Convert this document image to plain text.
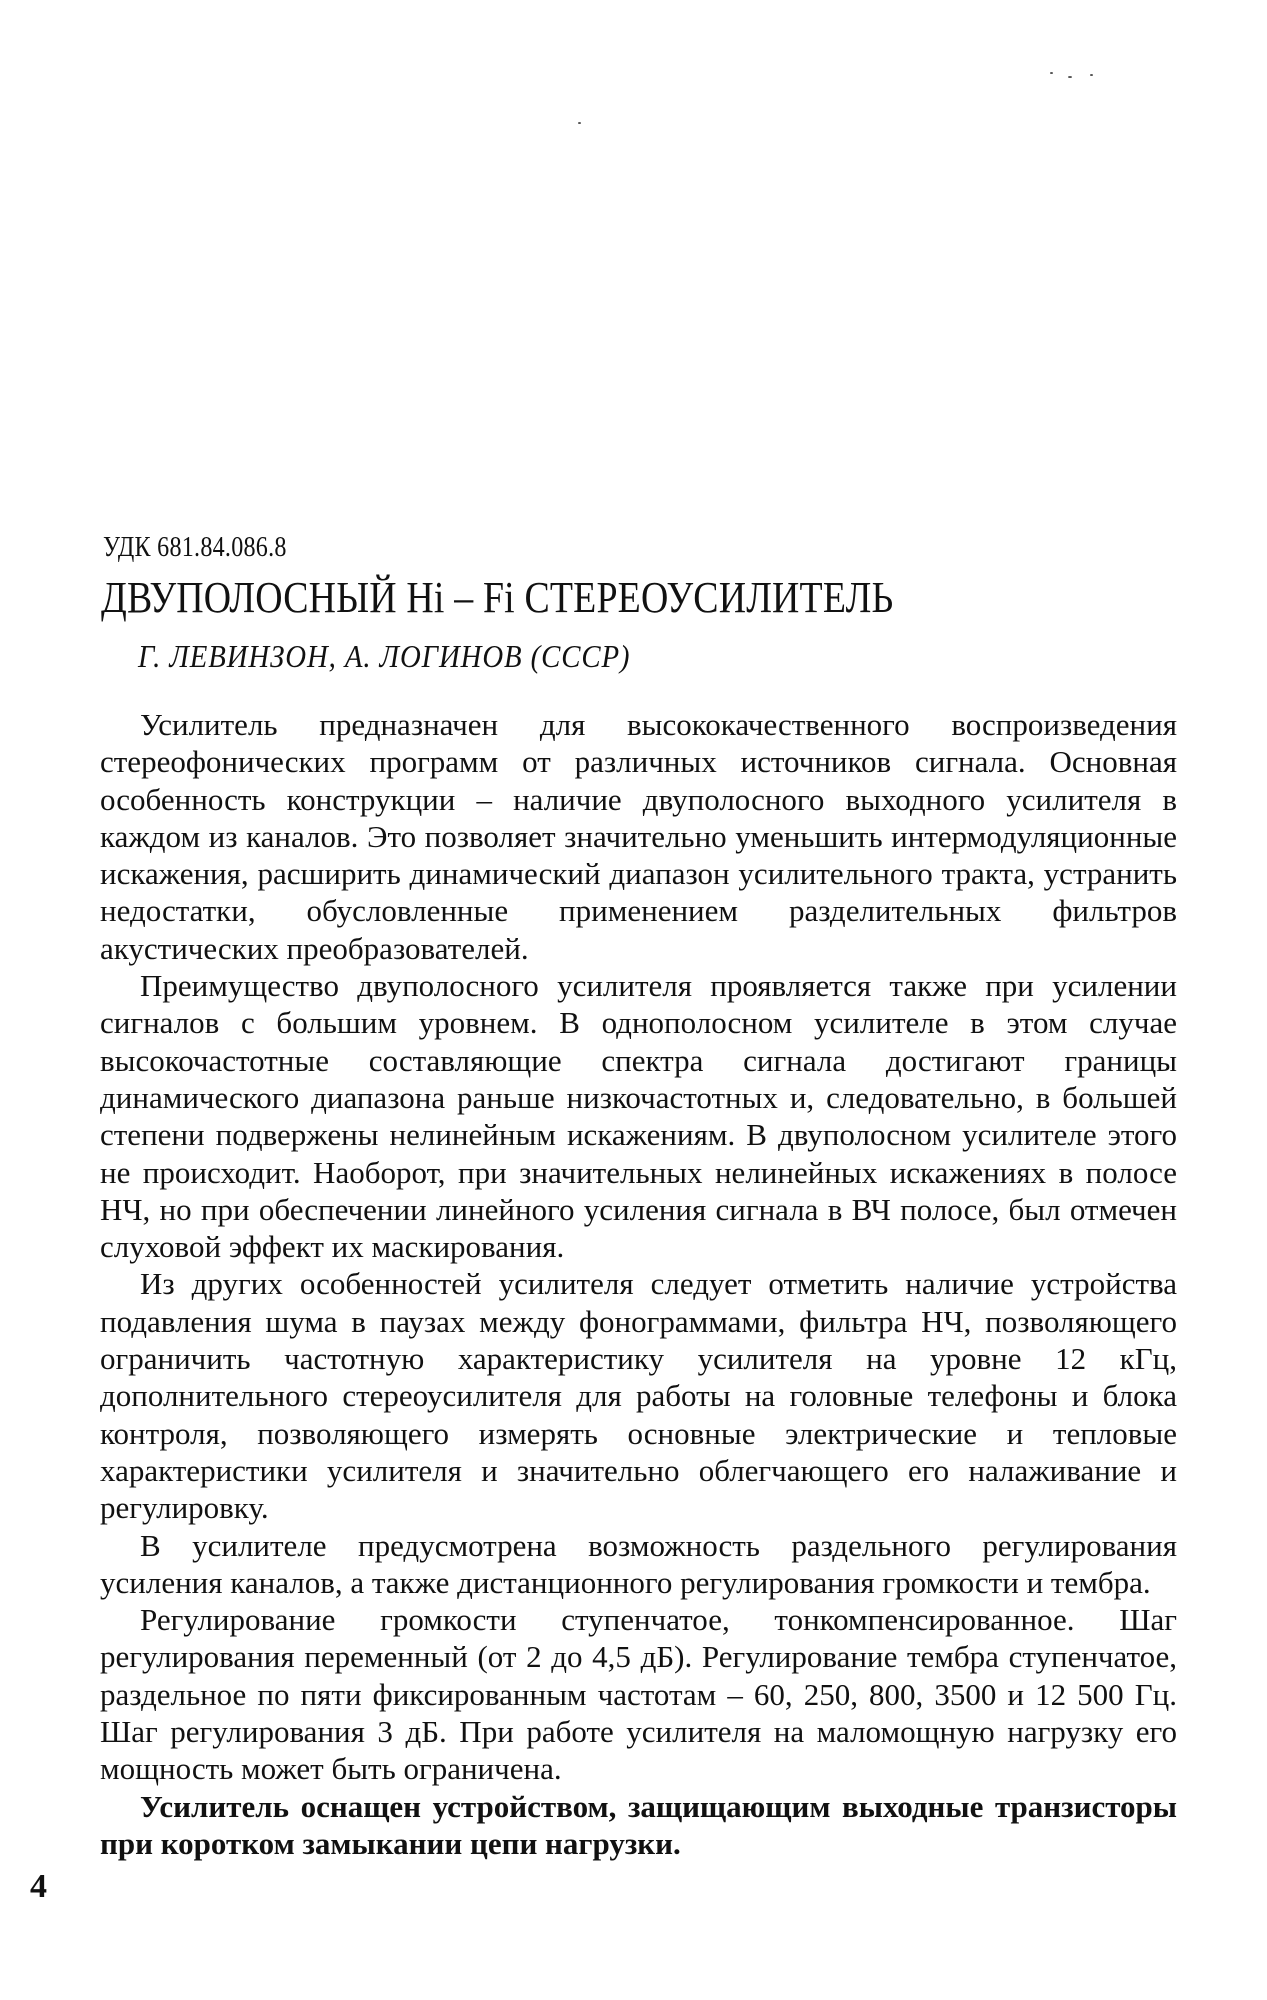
УДК 681.84.086.8
ДВУПОЛОСНЫЙ Hi – Fi СТЕРЕОУСИЛИТЕЛЬ
Г. ЛЕВИНЗОН, А. ЛОГИНОВ (СССР)

Усилитель предназначен для высококачественного воспроизведения стереофонических программ от различных источников сигнала. Основная особенность конструкции – наличие двуполосного выходного усилителя в каждом из каналов. Это позволяет значительно уменьшить интермодуляционные искажения, расширить динамический диапазон усилительного тракта, устранить недостатки, обусловленные применением разделительных фильтров акустических преобразователей.

Преимущество двуполосного усилителя проявляется также при усилении сигналов с большим уровнем. В однополосном усилителе в этом случае высокочастотные составляющие спектра сигнала достигают границы динамического диапазона раньше низкочастотных и, следовательно, в большей степени подвержены нелинейным искажениям. В двуполосном усилителе этого не происходит. Наоборот, при значительных нелинейных искажениях в полосе НЧ, но при обеспечении линейного усиления сигнала в ВЧ полосе, был отмечен слуховой эффект их маскирования.

Из других особенностей усилителя следует отметить наличие устройства подавления шума в паузах между фонограммами, фильтра НЧ, позволяющего ограничить частотную характеристику усилителя на уровне 12 кГц, дополнительного стереоусилителя для работы на головные телефоны и блока контроля, позволяющего измерять основные электрические и тепловые характеристики усилителя и значительно облегчающего его налаживание и регулировку.

В усилителе предусмотрена возможность раздельного регулирования усиления каналов, а также дистанционного регулирования громкости и тембра.

Регулирование громкости ступенчатое, тонкомпенсированное. Шаг регулирования переменный (от 2 до 4,5 дБ). Регулирование тембра ступенчатое, раздельное по пяти фиксированным частотам – 60, 250, 800, 3500 и 12 500 Гц. Шаг регулирования 3 дБ. При работе усилителя на маломощную нагрузку его мощность может быть ограничена.

Усилитель оснащен устройством, защищающим выходные транзисторы при коротком замыкании цепи нагрузки.

4
